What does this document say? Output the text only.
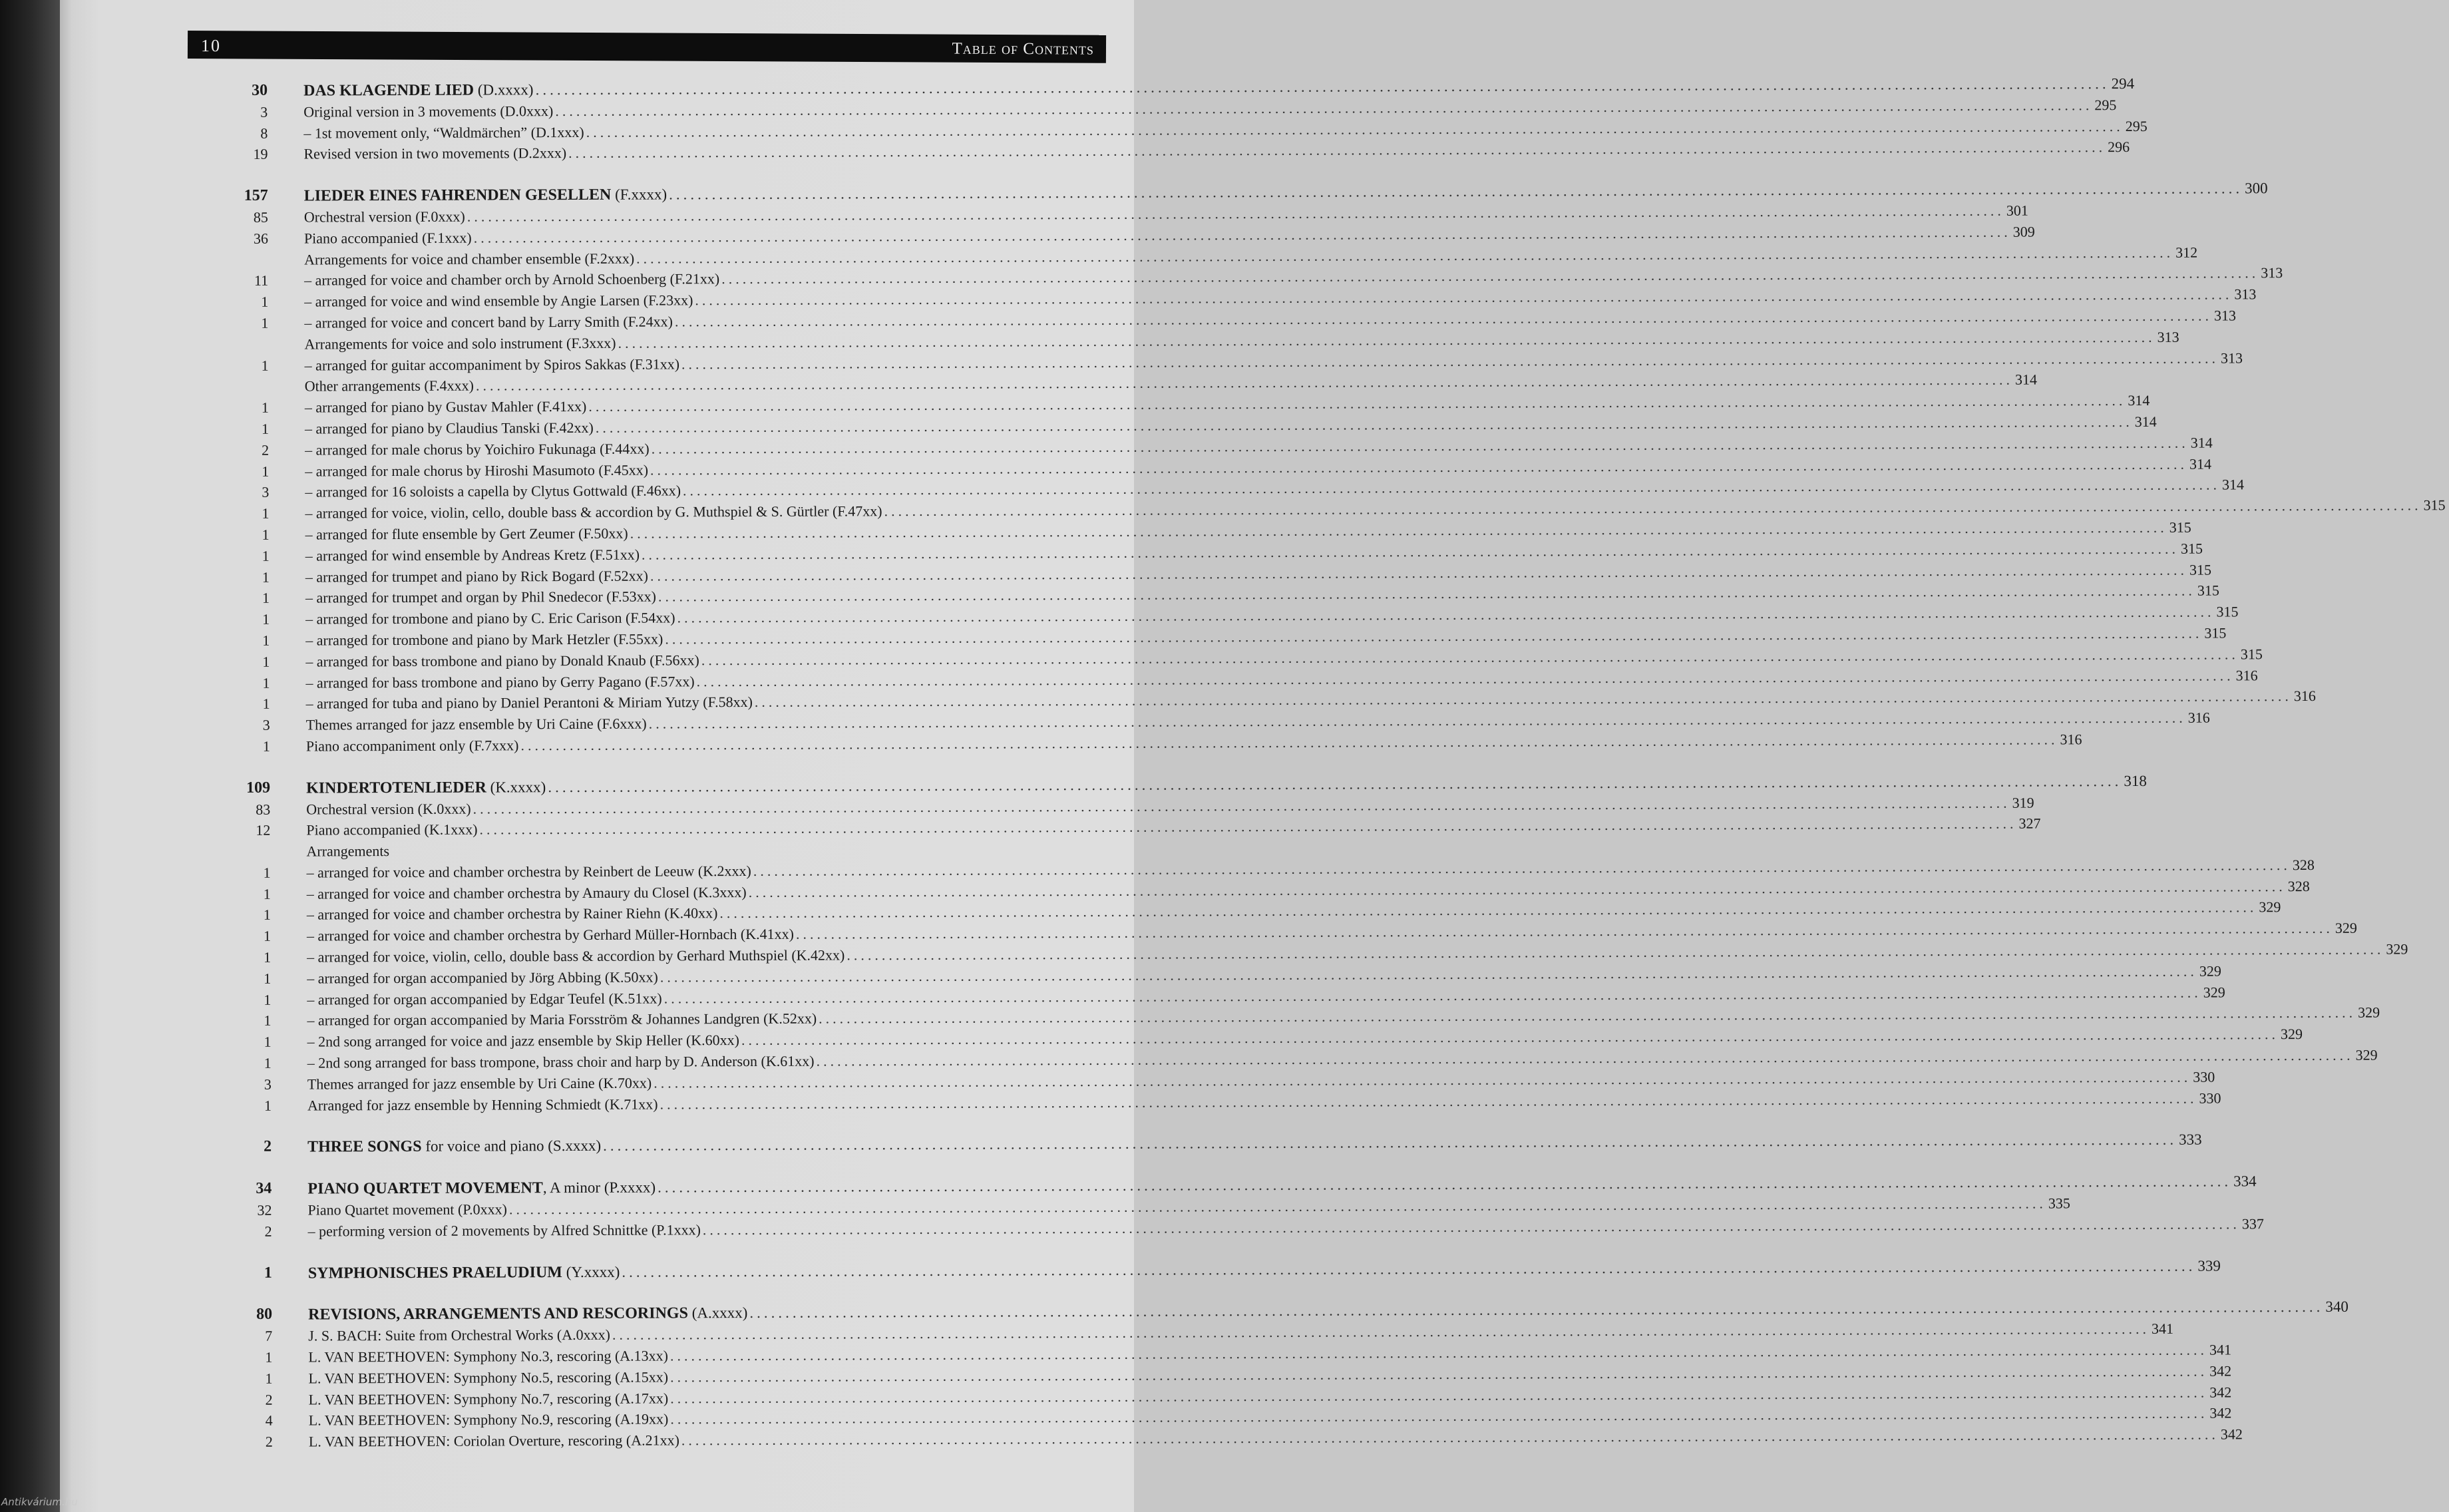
10	Table of Contents
30 DAS KLAGENDE LIED (D.xxxx) ............................................................................................................................................................................................................................ 294
3 Original version in 3 movements (D.0xxx) ............................................................................................................................................................................................................................ 295
8 – 1st movement only, “Waldmärchen” (D.1xxx) ............................................................................................................................................................................................................................ 295
19 Revised version in two movements (D.2xxx) ............................................................................................................................................................................................................................ 296
157 LIEDER EINES FAHRENDEN GESELLEN (F.xxxx) ............................................................................................................................................................................................................................ 300
85 Orchestral version (F.0xxx) ............................................................................................................................................................................................................................ 301
36 Piano accompanied (F.1xxx) ............................................................................................................................................................................................................................ 309
Arrangements for voice and chamber ensemble (F.2xxx) ............................................................................................................................................................................................................................ 312
11 – arranged for voice and chamber orch by Arnold Schoenberg (F.21xx) ............................................................................................................................................................................................................................ 313
1 – arranged for voice and wind ensemble by Angie Larsen (F.23xx) ............................................................................................................................................................................................................................ 313
1 – arranged for voice and concert band by Larry Smith (F.24xx) ............................................................................................................................................................................................................................ 313
Arrangements for voice and solo instrument (F.3xxx) ............................................................................................................................................................................................................................ 313
1 – arranged for guitar accompaniment by Spiros Sakkas (F.31xx) ............................................................................................................................................................................................................................ 313
Other arrangements (F.4xxx) ............................................................................................................................................................................................................................ 314
1 – arranged for piano by Gustav Mahler (F.41xx) ............................................................................................................................................................................................................................ 314
1 – arranged for piano by Claudius Tanski (F.42xx) ............................................................................................................................................................................................................................ 314
2 – arranged for male chorus by Yoichiro Fukunaga (F.44xx) ............................................................................................................................................................................................................................ 314
1 – arranged for male chorus by Hiroshi Masumoto (F.45xx) ............................................................................................................................................................................................................................ 314
3 – arranged for 16 soloists a capella by Clytus Gottwald (F.46xx) ............................................................................................................................................................................................................................ 314
1 – arranged for voice, violin, cello, double bass & accordion by G. Muthspiel & S. Gürtler (F.47xx) ............................................................................................................................................................................................................................ 315
1 – arranged for flute ensemble by Gert Zeumer (F.50xx) ............................................................................................................................................................................................................................ 315
1 – arranged for wind ensemble by Andreas Kretz (F.51xx) ............................................................................................................................................................................................................................ 315
1 – arranged for trumpet and piano by Rick Bogard (F.52xx) ............................................................................................................................................................................................................................ 315
1 – arranged for trumpet and organ by Phil Snedecor (F.53xx) ............................................................................................................................................................................................................................ 315
1 – arranged for trombone and piano by C. Eric Carison (F.54xx) ............................................................................................................................................................................................................................ 315
1 – arranged for trombone and piano by Mark Hetzler (F.55xx) ............................................................................................................................................................................................................................ 315
1 – arranged for bass trombone and piano by Donald Knaub (F.56xx) ............................................................................................................................................................................................................................ 315
1 – arranged for bass trombone and piano by Gerry Pagano (F.57xx) ............................................................................................................................................................................................................................ 316
1 – arranged for tuba and piano by Daniel Perantoni & Miriam Yutzy (F.58xx) ............................................................................................................................................................................................................................ 316
3 Themes arranged for jazz ensemble by Uri Caine (F.6xxx) ............................................................................................................................................................................................................................ 316
1 Piano accompaniment only (F.7xxx) ............................................................................................................................................................................................................................ 316
109 KINDERTOTENLIEDER (K.xxxx) ............................................................................................................................................................................................................................ 318
83 Orchestral version (K.0xxx) ............................................................................................................................................................................................................................ 319
12 Piano accompanied (K.1xxx) ............................................................................................................................................................................................................................ 327
Arrangements
1 – arranged for voice and chamber orchestra by Reinbert de Leeuw (K.2xxx) ............................................................................................................................................................................................................................ 328
1 – arranged for voice and chamber orchestra by Amaury du Closel (K.3xxx) ............................................................................................................................................................................................................................ 328
1 – arranged for voice and chamber orchestra by Rainer Riehn (K.40xx) ............................................................................................................................................................................................................................ 329
1 – arranged for voice and chamber orchestra by Gerhard Müller-Hornbach (K.41xx) ............................................................................................................................................................................................................................ 329
1 – arranged for voice, violin, cello, double bass & accordion by Gerhard Muthspiel (K.42xx) ............................................................................................................................................................................................................................ 329
1 – arranged for organ accompanied by Jörg Abbing (K.50xx) ............................................................................................................................................................................................................................ 329
1 – arranged for organ accompanied by Edgar Teufel (K.51xx) ............................................................................................................................................................................................................................ 329
1 – arranged for organ accompanied by Maria Forsström & Johannes Landgren (K.52xx) ............................................................................................................................................................................................................................ 329
1 – 2nd song arranged for voice and jazz ensemble by Skip Heller (K.60xx) ............................................................................................................................................................................................................................ 329
1 – 2nd song arranged for bass trompone, brass choir and harp by D. Anderson (K.61xx) ............................................................................................................................................................................................................................ 329
3 Themes arranged for jazz ensemble by Uri Caine (K.70xx) ............................................................................................................................................................................................................................ 330
1 Arranged for jazz ensemble by Henning Schmiedt (K.71xx) ............................................................................................................................................................................................................................ 330
2 THREE SONGS for voice and piano (S.xxxx) ............................................................................................................................................................................................................................ 333
34 PIANO QUARTET MOVEMENT, A minor (P.xxxx) ............................................................................................................................................................................................................................ 334
32 Piano Quartet movement (P.0xxx) ............................................................................................................................................................................................................................ 335
2 – performing version of 2 movements by Alfred Schnittke (P.1xxx) ............................................................................................................................................................................................................................ 337
1 SYMPHONISCHES PRAELUDIUM (Y.xxxx) ............................................................................................................................................................................................................................ 339
80 REVISIONS, ARRANGEMENTS AND RESCORINGS (A.xxxx) ............................................................................................................................................................................................................................ 340
7 J. S. BACH: Suite from Orchestral Works (A.0xxx) ............................................................................................................................................................................................................................ 341
1 L. VAN BEETHOVEN: Symphony No.3, rescoring (A.13xx) ............................................................................................................................................................................................................................ 341
1 L. VAN BEETHOVEN: Symphony No.5, rescoring (A.15xx) ............................................................................................................................................................................................................................ 342
2 L. VAN BEETHOVEN: Symphony No.7, rescoring (A.17xx) ............................................................................................................................................................................................................................ 342
4 L. VAN BEETHOVEN: Symphony No.9, rescoring (A.19xx) ............................................................................................................................................................................................................................ 342
2 L. VAN BEETHOVEN: Coriolan Overture, rescoring (A.21xx) ............................................................................................................................................................................................................................ 342
Antikvárium.hu
